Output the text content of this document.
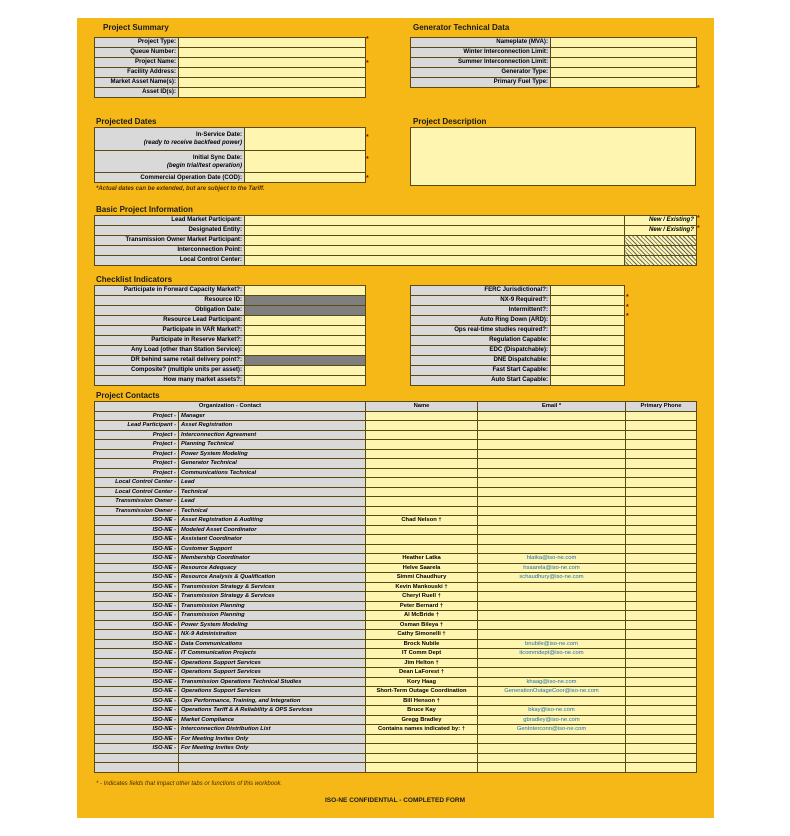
Project Summary
Project Type:	
Queue Number:	
Project Name:	
Facility Address:	
Market Asset Name(s):	
Asset ID(s):	
Generator Technical Data
Nameplate (MVA):	
Winter Interconnection Limit:	
Summer Interconnection Limit:	
Generator Type:	
Primary Fuel Type:	
Projected Dates
In-Service Date:
(ready to receive backfeed power)	
Initial Sync Date:
(begin trial/test operation)	
Commercial Operation Date (COD):	
*Actual dates can be extended, but are subject to the Tariff.
Project Description
Basic Project Information
Lead Market Participant:		New / Existing?
Designated Entity:		New / Existing?
Transmission Owner Market Participant:		
Interconnection Point:		
Local Control Center:		
Checklist Indicators
Participate in Forward Capacity Market?:	
Resource ID:	
Obligation Date:	
Resource Lead Participant:	
Participate in VAR Market?:	
Participate in Reserve Market?:	
Any Load (other than Station Service):	
DR behind same retail delivery point?:	
Composite? (multiple units per asset):	
How many market assets?:	
FERC Jurisdictional?:	
NX-9 Required?:	
Intermittent?:	
Auto Ring Down (ARD):	
Ops real-time studies required?:	
Regulation Capable:	
EDC (Dispatchable):	
DNE Dispatchable:	
Fast Start Capable:	
Auto Start Capable:	
Project Contacts
Organization - Contact		Name	Email *	Primary Phone
Project -	Manager			
Lead Participant -	Asset Registration			
Project -	Interconnection Agreement			
Project -	Planning Technical			
Project -	Power System Modeling			
Project -	Generator Technical			
Project -	Communications Technical			
Local Control Center -	Lead			
Local Control Center -	Technical			
Transmission Owner -	Lead			
Transmission Owner -	Technical			
ISO-NE -	Asset Registration & Auditing	Chad Nelson †		
ISO-NE -	Modeled Asset Coordinator			
ISO-NE -	Assistant Coordinator			
ISO-NE -	Customer Support			
ISO-NE -	Membership Coordinator	Heather Latka	hlatka@iso-ne.com	
ISO-NE -	Resource Adequacy	Helve Saarela	hsaarela@iso-ne.com	
ISO-NE -	Resource Analysis & Qualification	Simmi Chaudhury	schaudhury@iso-ne.com	
ISO-NE -	Transmission Strategy & Services	Kevin Mankouski †		
ISO-NE -	Transmission Strategy & Services	Cheryl Ruell †		
ISO-NE -	Transmission Planning	Peter Bernard †		
ISO-NE -	Transmission Planning	Al McBride †		
ISO-NE -	Power System Modeling	Osman Bileya †		
ISO-NE -	NX-9 Administration	Cathy Simonelli †		
ISO-NE -	Data Communications	Brock Nubile	bnubile@iso-ne.com	
ISO-NE -	IT Communication Projects	IT Comm Dept	itcommdept@iso-ne.com	
ISO-NE -	Operations Support Services	Jim Helton †		
ISO-NE -	Operations Support Services	Dean LaForest †		
ISO-NE -	Transmission Operations Technical Studies	Kory Haag	khaag@iso-ne.com	
ISO-NE -	Operations Support Services	Short-Term Outage Coordination	GenerationOutageCoor@iso-ne.com	
ISO-NE -	Ops Performance, Training, and Integration	Bill Henson †		
ISO-NE -	Operations Tariff & A Reliability & OPS Services	Bruce Kay	bkay@iso-ne.com	
ISO-NE -	Market Compliance	Gregg Bradley	gbradley@iso-ne.com	
ISO-NE -	Interconnection Distribution List	Contains names indicated by: †	GenInterconn@iso-ne.com	
ISO-NE -	For Meeting Invites Only			
ISO-NE -	For Meeting Invites Only			

* - Indicates fields that impact other tabs or functions of this workbook.
ISO-NE CONFIDENTIAL - COMPLETED FORM
*
*
*
*
*
*
*
*
*
*
*
